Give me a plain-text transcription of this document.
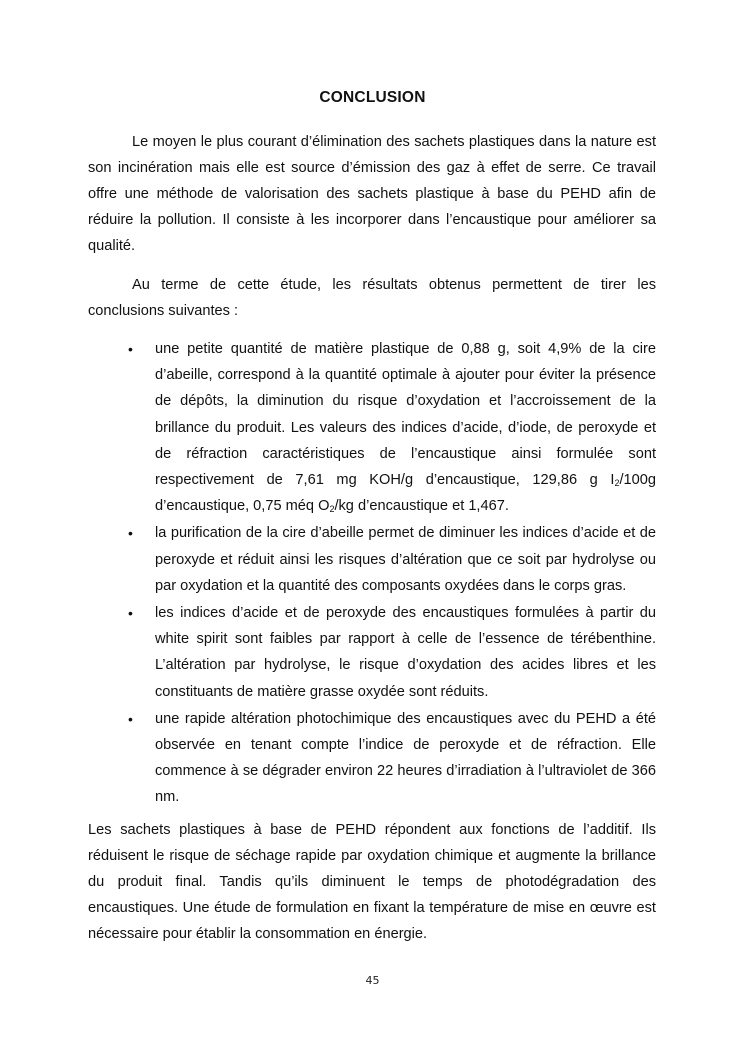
CONCLUSION

Le moyen le plus courant d’élimination des sachets plastiques dans la nature est son incinération mais elle est source d’émission des gaz à effet de serre. Ce travail offre une méthode de valorisation des sachets plastique à base du PEHD afin de réduire la pollution. Il consiste à les incorporer dans l’encaustique pour améliorer sa qualité.

Au terme de cette étude, les résultats obtenus permettent de tirer les conclusions suivantes :

• une petite quantité de matière plastique de 0,88 g, soit 4,9% de la cire d’abeille, correspond à la quantité optimale à ajouter pour éviter la présence de dépôts, la diminution du risque d’oxydation et l’accroissement de la brillance du produit. Les valeurs des indices d’acide, d’iode, de peroxyde et de réfraction caractéristiques de l’encaustique ainsi formulée sont respectivement de 7,61 mg KOH/g d’encaustique, 129,86 g $I_2/100g$ d’encaustique, 0,75 méq $O_2/kg$ d’encaustique et 1,467.
• la purification de la cire d’abeille permet de diminuer les indices d’acide et de peroxyde et réduit ainsi les risques d’altération que ce soit par hydrolyse ou par oxydation et la quantité des composants oxydées dans le corps gras.
• les indices d’acide et de peroxyde des encaustiques formulées à partir du white spirit sont faibles par rapport à celle de l’essence de térébenthine. L’altération par hydrolyse, le risque d’oxydation des acides libres et les constituants de matière grasse oxydée sont réduits.
• une rapide altération photochimique des encaustiques avec du PEHD a été observée en tenant compte l’indice de peroxyde et de réfraction. Elle commence à se dégrader environ 22 heures d’irradiation à l’ultraviolet de 366 nm.

Les sachets plastiques à base de PEHD répondent aux fonctions de l’additif. Ils réduisent le risque de séchage rapide par oxydation chimique et augmente la brillance du produit final. Tandis qu’ils diminuent le temps de photodégradation des encaustiques. Une étude de formulation en fixant la température de mise en œuvre est nécessaire pour établir la consommation en énergie.

45
